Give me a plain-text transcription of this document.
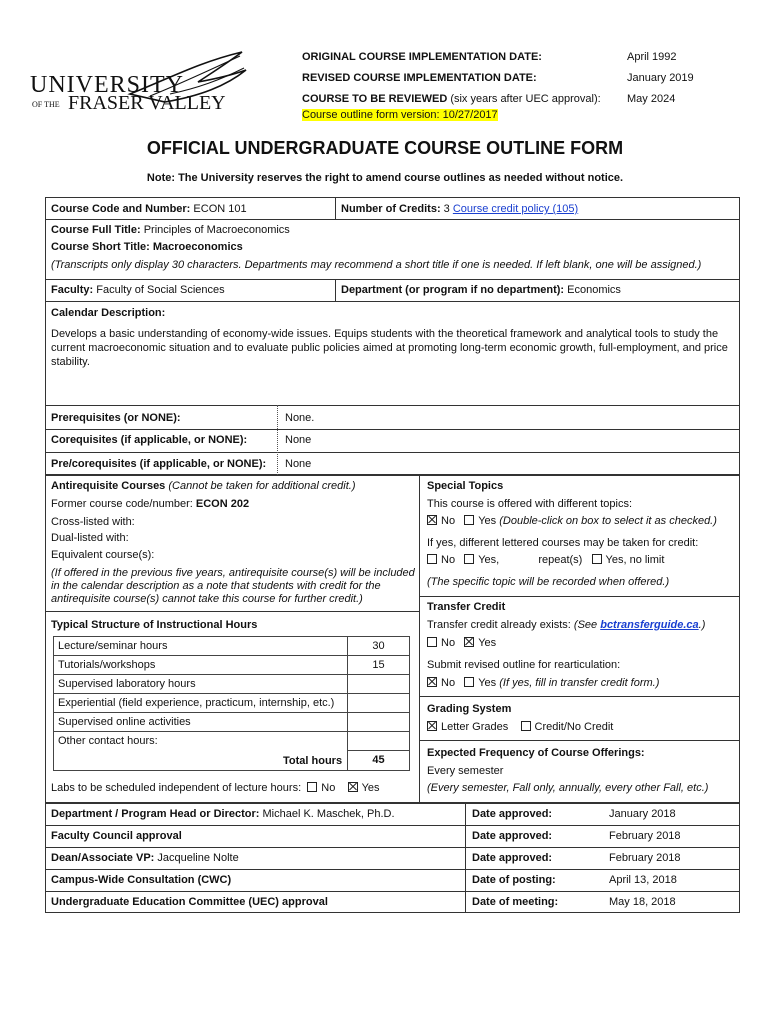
UNIVERSITY
OF THE FRASER VALLEY
ORIGINAL COURSE IMPLEMENTATION DATE:	April 1992
REVISED COURSE IMPLEMENTATION DATE:	January 2019
COURSE TO BE REVIEWED (six years after UEC approval): May 2024
Course outline form version: 10/27/2017
OFFICIAL UNDERGRADUATE COURSE OUTLINE FORM
Note: The University reserves the right to amend course outlines as needed without notice.
Course Code and Number: ECON 101	Number of Credits: 3 Course credit policy (105)
Course Full Title: Principles of Macroeconomics
Course Short Title: Macroeconomics
(Transcripts only display 30 characters. Departments may recommend a short title if one is needed. If left blank, one will be assigned.)
Faculty: Faculty of Social Sciences	Department (or program if no department): Economics
Calendar Description:
Develops a basic understanding of economy-wide issues. Equips students with the theoretical framework and analytical tools to study the current macroeconomic situation and to evaluate public policies aimed at promoting long-term economic growth, full-employment, and price stability.
Prerequisites (or NONE):	None.
Corequisites (if applicable, or NONE):	None
Pre/corequisites (if applicable, or NONE): None
Antirequisite Courses (Cannot be taken for additional credit.)
Former course code/number: ECON 202
Cross-listed with:
Dual-listed with:
Equivalent course(s):
(If offered in the previous five years, antirequisite course(s) will be included in the calendar description as a note that students with credit for the antirequisite course(s) cannot take this course for further credit.)
Typical Structure of Instructional Hours
Lecture/seminar hours	30
Tutorials/workshops	15
Supervised laboratory hours
Experiential (field experience, practicum, internship, etc.)
Supervised online activities
Other contact hours:
Total hours	45
Labs to be scheduled independent of lecture hours: No Yes
Special Topics
This course is offered with different topics:
No Yes (Double-click on box to select it as checked.)
If yes, different lettered courses may be taken for credit:
No Yes,	repeat(s) Yes, no limit
(The specific topic will be recorded when offered.)
Transfer Credit
Transfer credit already exists: (See bctransferguide.ca.)
No Yes
Submit revised outline for rearticulation:
No Yes (If yes, fill in transfer credit form.)
Grading System
Letter Grades Credit/No Credit
Expected Frequency of Course Offerings:
Every semester
(Every semester, Fall only, annually, every other Fall, etc.)
Department / Program Head or Director: Michael K. Maschek, Ph.D.	Date approved:	January 2018
Faculty Council approval	Date approved:	February 2018
Dean/Associate VP: Jacqueline Nolte	Date approved:	February 2018
Campus-Wide Consultation (CWC)	Date of posting:	April 13, 2018
Undergraduate Education Committee (UEC) approval	Date of meeting:	May 18, 2018
